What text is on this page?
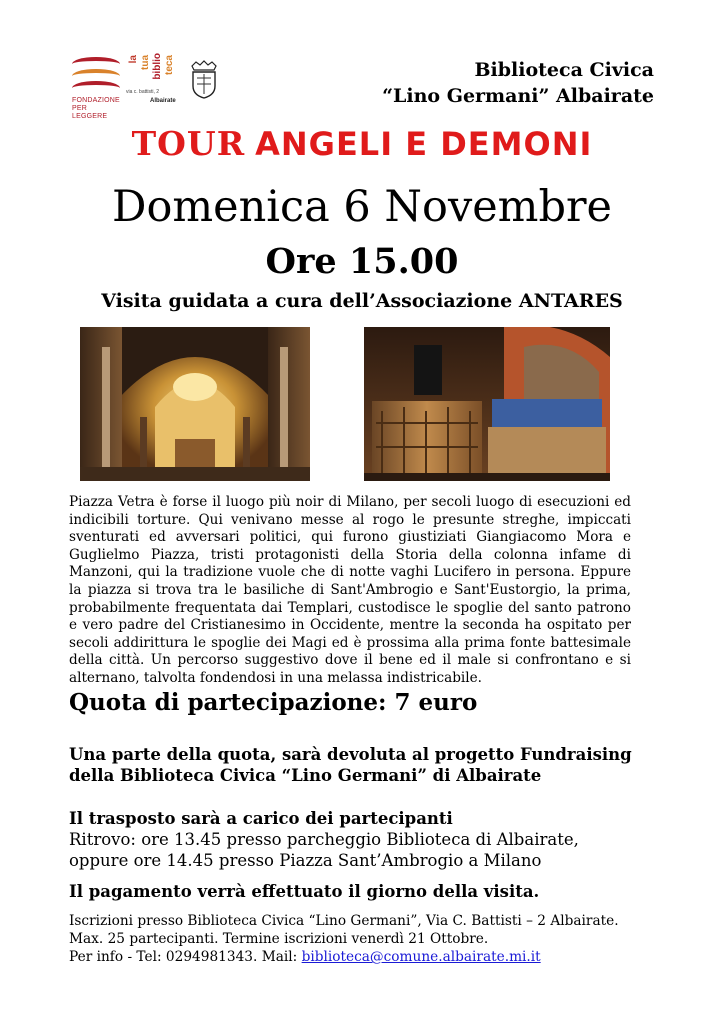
FONDAZIONE
PER LEGGERE
la tua biblio teca
via c. battisti, 2
Albairate
Biblioteca Civica
“Lino Germani” Albairate
TOUR ANGELI E DEMONI
Domenica 6 Novembre
Ore 15.00
Visita guidata a cura dell’Associazione ANTARES
Piazza Vetra è forse il luogo più noir di Milano, per secoli luogo di esecuzioni ed indicibili torture. Qui venivano messe al rogo le presunte streghe, impiccati sventurati ed avversari politici, qui furono giustiziati Giangiacomo Mora e Guglielmo Piazza, tristi protagonisti della Storia della colonna infame di Manzoni, qui la tradizione vuole che di notte vaghi Lucifero in persona. Eppure la piazza si trova tra le basiliche di Sant'Ambrogio e Sant'Eustorgio, la prima, probabilmente frequentata dai Templari, custodisce le spoglie del santo patrono e vero padre del Cristianesimo in Occidente, mentre la seconda ha ospitato per secoli addirittura le spoglie dei Magi ed è prossima alla prima fonte battesimale della città. Un percorso suggestivo dove il bene ed il male si confrontano e si alternano, talvolta fondendosi in una melassa indistricabile.
Quota di partecipazione: 7 euro
Una parte della quota, sarà devoluta al progetto Fundraising
della Biblioteca Civica “Lino Germani” di Albairate
Il trasposto sarà a carico dei partecipanti
Ritrovo: ore 13.45 presso parcheggio Biblioteca di Albairate,
oppure ore 14.45 presso Piazza Sant’Ambrogio a Milano
Il pagamento verrà effettuato il giorno della visita.
Iscrizioni presso Biblioteca Civica “Lino Germani”, Via C. Battisti – 2 Albairate.
Max. 25 partecipanti. Termine iscrizioni venerdì 21 Ottobre.
Per info - Tel: 0294981343. Mail: biblioteca@comune.albairate.mi.it
